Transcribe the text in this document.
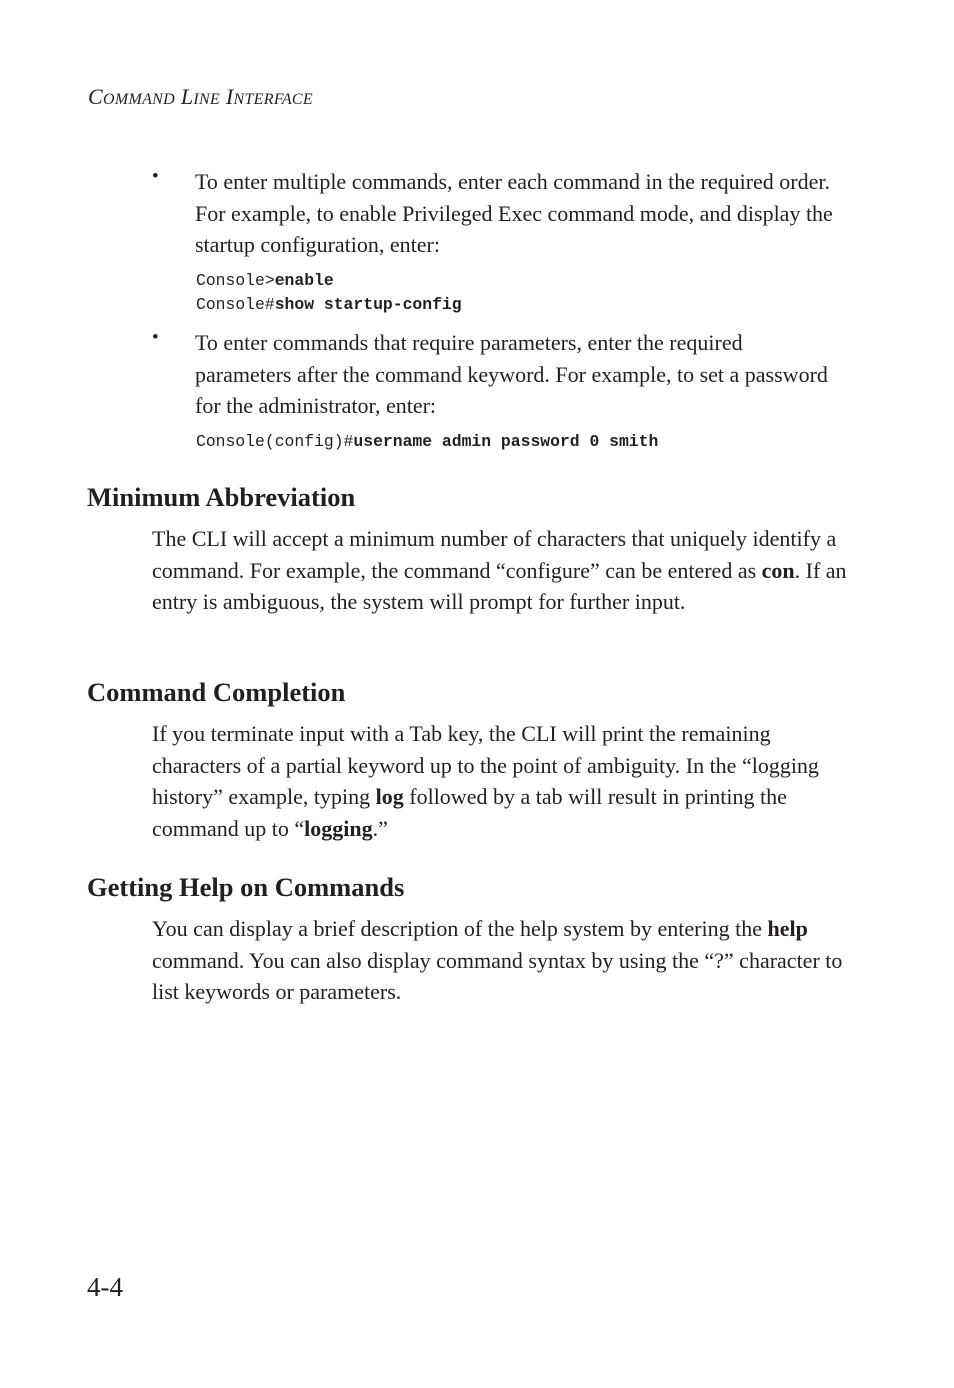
COMMAND LINE INTERFACE
• To enter multiple commands, enter each command in the required order. For example, to enable Privileged Exec command mode, and display the startup configuration, enter:
Console>enable
Console#show startup-config
• To enter commands that require parameters, enter the required parameters after the command keyword. For example, to set a password for the administrator, enter:
Console(config)#username admin password 0 smith
Minimum Abbreviation

The CLI will accept a minimum number of characters that uniquely identify a command. For example, the command “configure” can be entered as con. If an entry is ambiguous, the system will prompt for further input.

Command Completion

If you terminate input with a Tab key, the CLI will print the remaining characters of a partial keyword up to the point of ambiguity. In the “logging history” example, typing log followed by a tab will result in printing the command up to “logging.”

Getting Help on Commands

You can display a brief description of the help system by entering the help command. You can also display command syntax by using the “?” character to list keywords or parameters.

4-4
